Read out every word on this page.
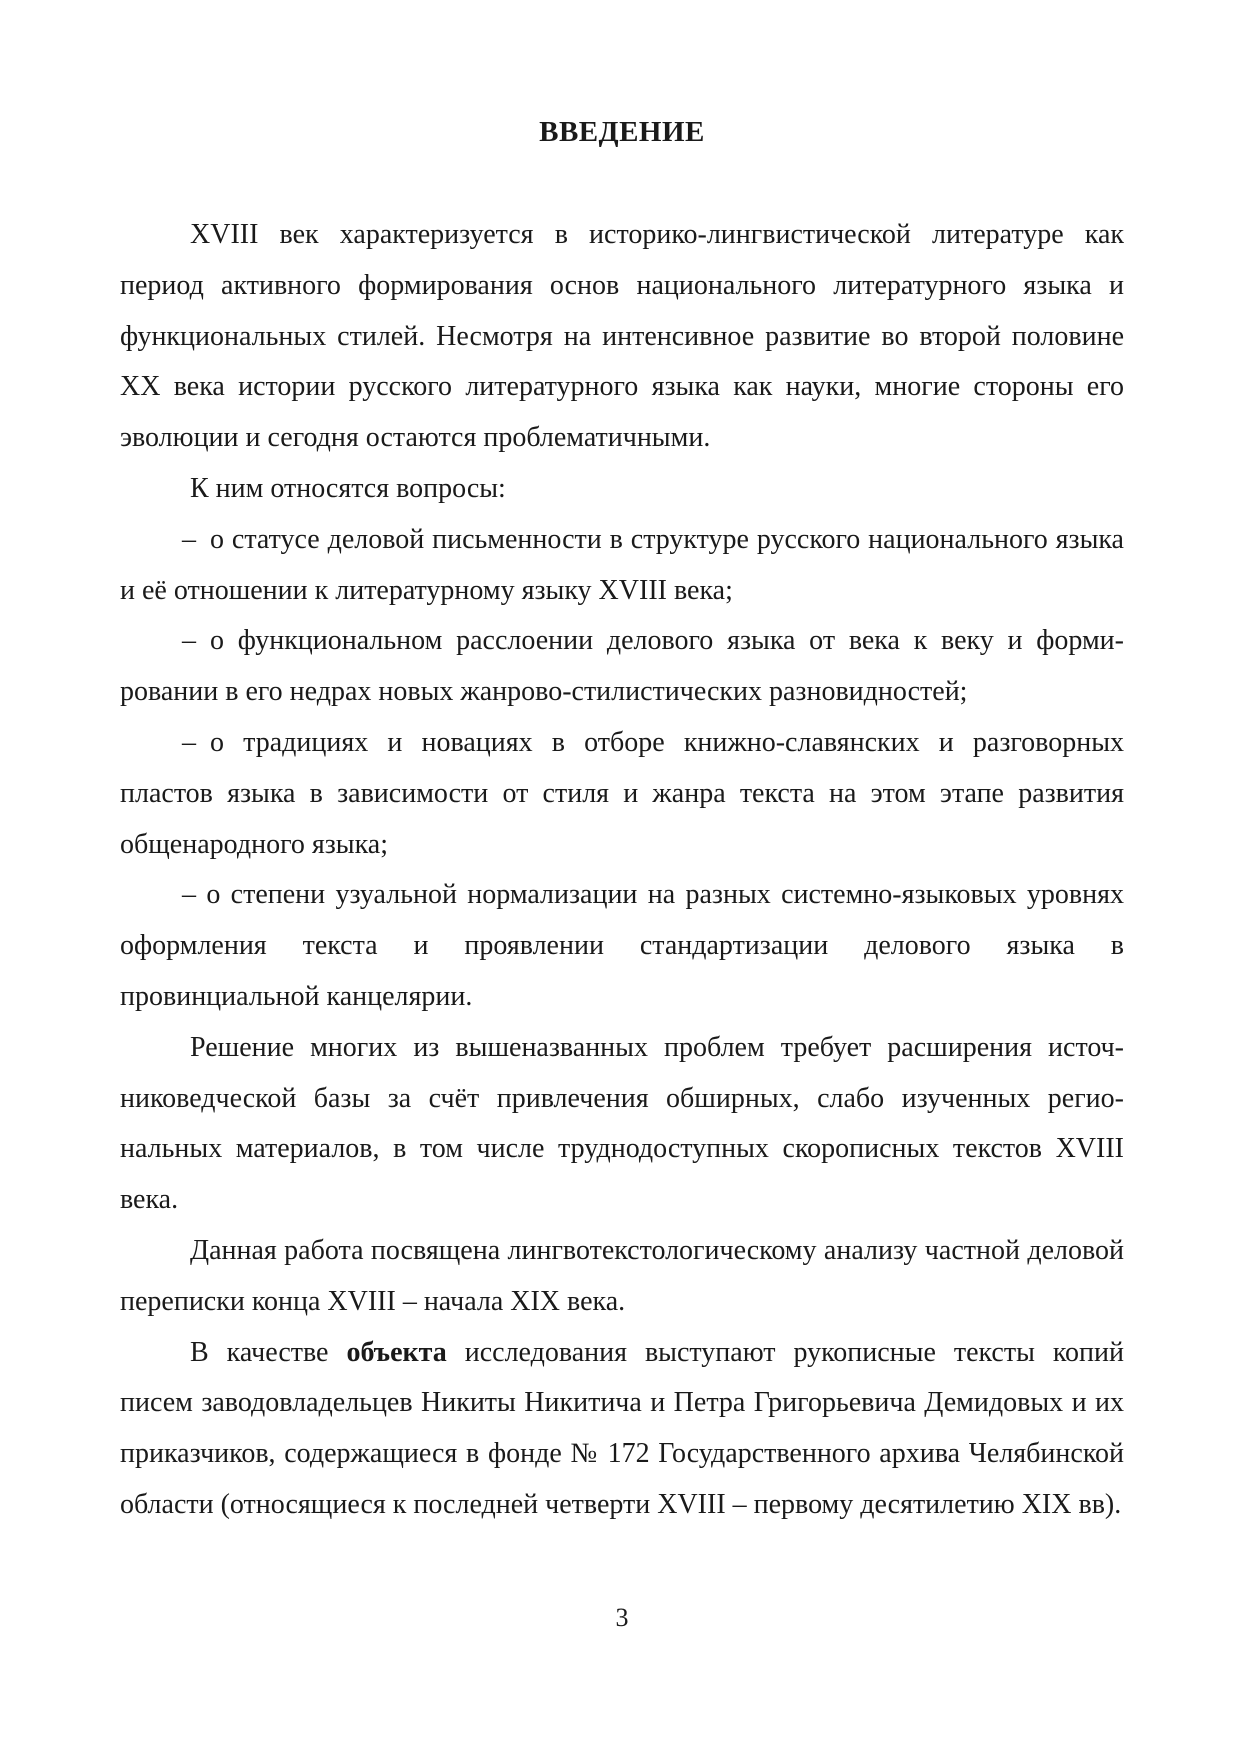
ВВЕДЕНИЕ

XVIII век характеризуется в историко-лингвистической литературе как период активного формирования основ национального литературного языка и функциональных стилей. Несмотря на интенсивное развитие во второй половине XX века истории русского литературного языка как науки, многие стороны его эволюции и сегодня остаются проблематичными.

К ним относятся вопросы:

– о статусе деловой письменности в структуре русского национального языка и её отношении к литературному языку XVIII века;

– о функциональном расслоении делового языка от века к веку и формировании в его недрах новых жанрово-стилистических разновидностей;

– о традициях и новациях в отборе книжно-славянских и разговорных пластов языка в зависимости от стиля и жанра текста на этом этапе развития общенародного языка;

– о степени узуальной нормализации на разных системно-языковых уровнях оформления текста и проявлении стандартизации делового языка в провинциальной канцелярии.

Решение многих из вышеназванных проблем требует расширения источниковедческой базы за счёт привлечения обширных, слабо изученных региональных материалов, в том числе труднодоступных скорописных текстов XVIII века.

Данная работа посвящена лингвотекстологическому анализу частной деловой переписки конца XVIII – начала XIX века.

В качестве объекта исследования выступают рукописные тексты копий писем заводовладельцев Никиты Никитича и Петра Григорьевича Демидовых и их приказчиков, содержащиеся в фонде № 172 Государственного архива Челябинской области (относящиеся к последней четверти XVIII – первому десятилетию XIX вв).

3
